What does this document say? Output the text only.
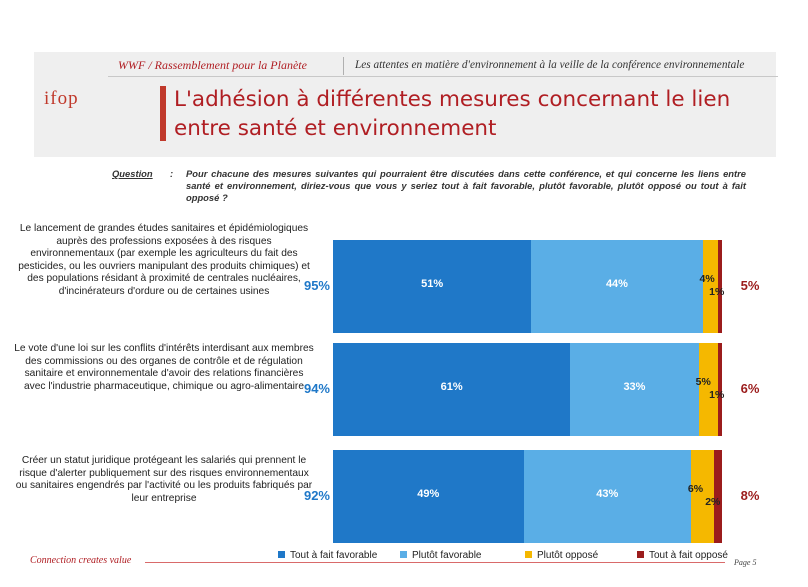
WWF / Rassemblement pour la Planète	Les attentes en matière d'environnement à la veille de la conférence environnementale
ifop	L'adhésion à différentes mesures concernant le lien entre santé et environnement
Question : Pour chacune des mesures suivantes qui pourraient être discutées dans cette conférence, et qui concerne les liens entre santé et environnement, diriez-vous que vous y seriez tout à fait favorable, plutôt favorable, plutôt opposé ou tout à fait opposé ?
Le lancement de grandes études sanitaires et épidémiologiques auprès des professions exposées à des risques environnementaux (par exemple les agriculteurs du fait des pesticides, ou les ouvriers manipulant des produits chimiques) et des populations résidant à proximité de centrales nucléaires, d'incinérateurs d'ordure ou de certaines usines	95%	51%	44%	4%
1%	5%
Le vote d'une loi sur les conflits d'intérêts interdisant aux membres des commissions ou des organes de contrôle et de régulation sanitaire et environnementale d'avoir des relations financières avec l'industrie pharmaceutique, chimique ou agro-alimentaire 94%	61%	33%	5%
1%	6%
Créer un statut juridique protégeant les salariés qui prennent le risque d'alerter publiquement sur des risques environnementaux ou sanitaires engendrés par l'activité ou les produits fabriqués par leur entreprise	92%	49%	43%	6%
2%	8%
Tout à fait favorable	Plutôt favorable	Plutôt opposé	Tout à fait opposé
Connection creates value	Page 5
